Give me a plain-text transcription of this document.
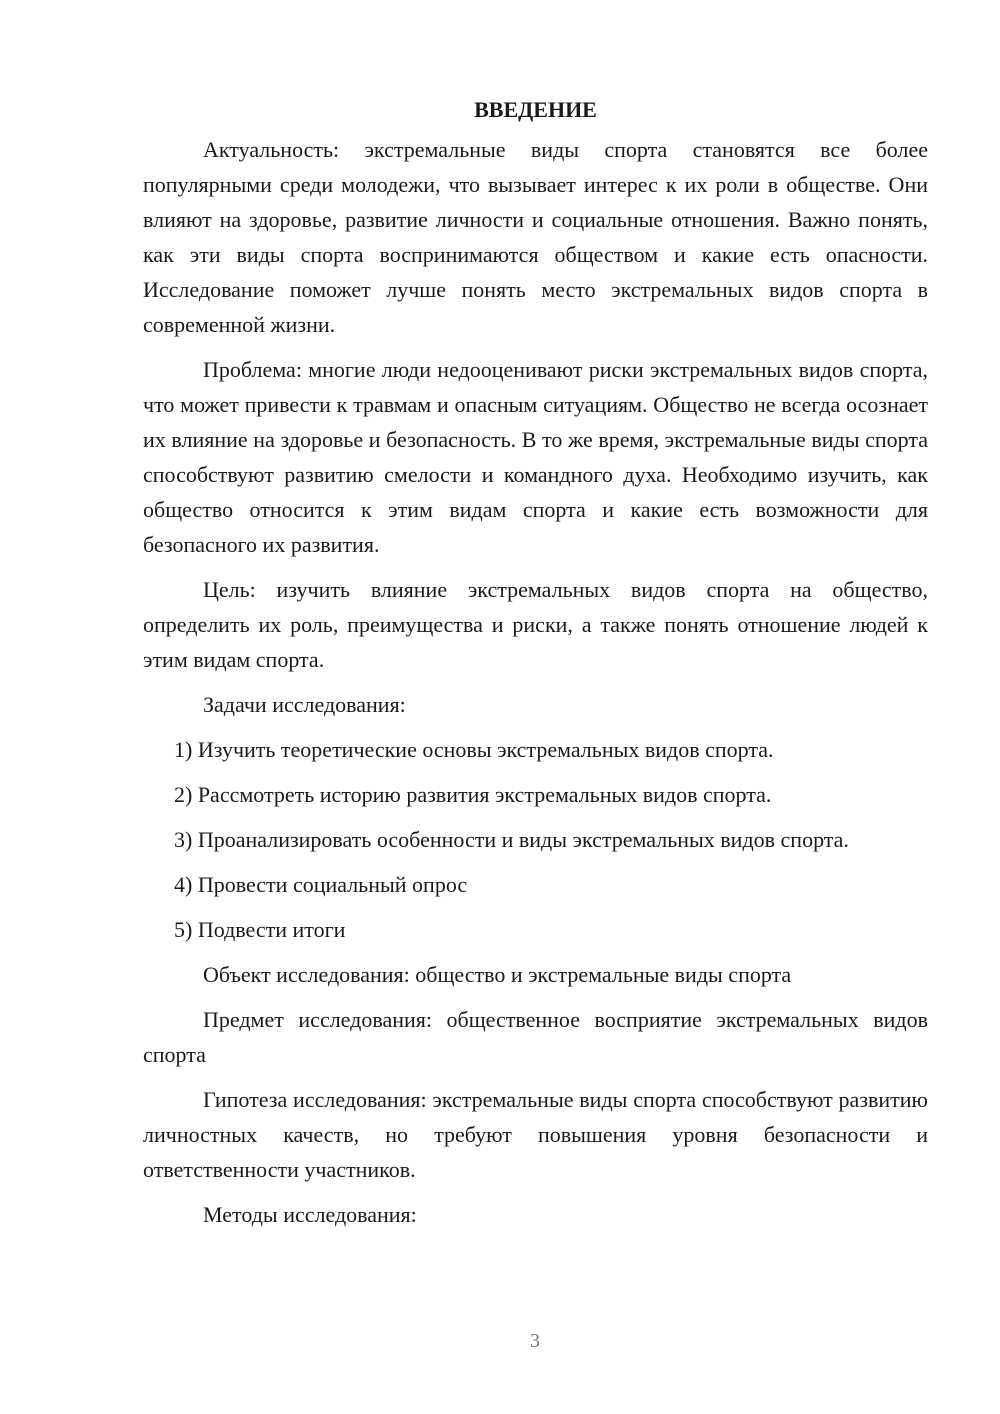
ВВЕДЕНИЕ

Актуальность: экстремальные виды спорта становятся все более популярными среди молодежи, что вызывает интерес к их роли в обществе. Они влияют на здоровье, развитие личности и социальные отношения. Важно понять, как эти виды спорта воспринимаются обществом и какие есть опасности. Исследование поможет лучше понять место экстремальных видов спорта в современной жизни.

Проблема: многие люди недооценивают риски экстремальных видов спорта, что может привести к травмам и опасным ситуациям. Общество не всегда осознает их влияние на здоровье и безопасность. В то же время, экстремальные виды спорта способствуют развитию смелости и командного духа. Необходимо изучить, как общество относится к этим видам спорта и какие есть возможности для безопасного их развития.

Цель: изучить влияние экстремальных видов спорта на общество, определить их роль, преимущества и риски, а также понять отношение людей к этим видам спорта.

Задачи исследования:

1) Изучить теоретические основы экстремальных видов спорта.

2) Рассмотреть историю развития экстремальных видов спорта.

3) Проанализировать особенности и виды экстремальных видов спорта.

4) Провести социальный опрос

5) Подвести итоги

Объект исследования: общество и экстремальные виды спорта

Предмет исследования: общественное восприятие экстремальных видов спорта

Гипотеза исследования: экстремальные виды спорта способствуют развитию личностных качеств, но требуют повышения уровня безопасности и ответственности участников.

Методы исследования:

3
